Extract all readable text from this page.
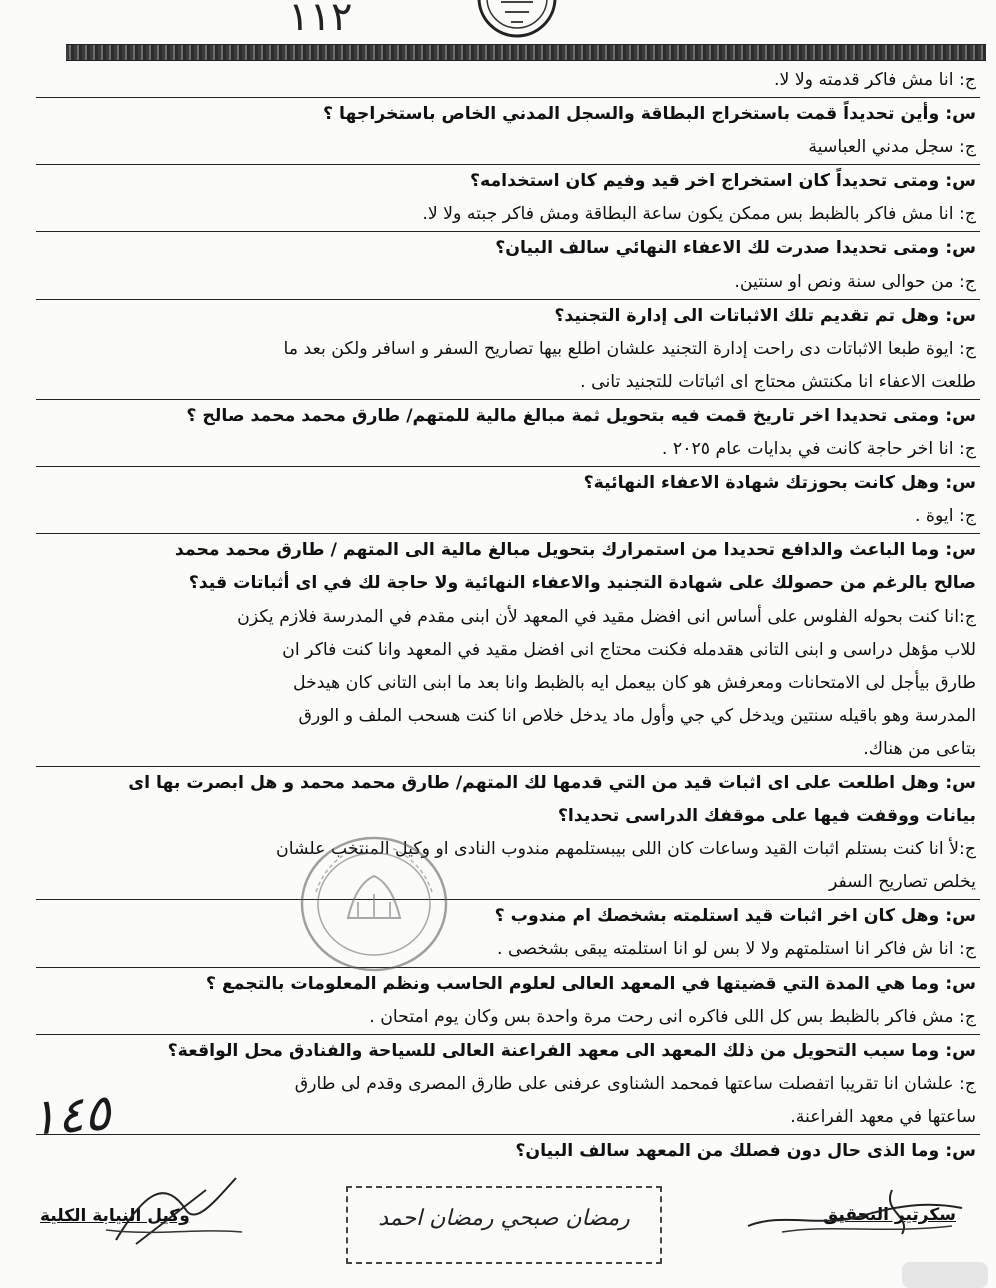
١١٢

ج: انا مش فاكر قدمته ولا لا.

س: وأين تحديداً قمت باستخراج البطاقة والسجل المدني الخاص باستخراجها ؟

ج: سجل مدني العباسية

س: ومتى تحديداً كان استخراج اخر قيد وفيم كان استخدامه؟

ج: انا مش فاكر بالظبط بس ممكن يكون ساعة البطاقة ومش فاكر جبته ولا لا.

س: ومتى تحديدا صدرت لك الاعفاء النهائي سالف البيان؟

ج: من حوالى سنة ونص او سنتين.

س: وهل تم تقديم تلك الاثباتات الى إدارة التجنيد؟

ج: ايوة طبعا الاثباتات دى راحت إدارة التجنيد علشان اطلع بيها تصاريح السفر و اسافر ولكن بعد ما

طلعت الاعفاء انا مكنتش محتاج اى اثباتات للتجنيد تانى .

س: ومتى تحديدا اخر تاريخ قمت فيه بتحويل ثمة مبالغ مالية للمتهم/ طارق محمد محمد صالح ؟

ج: انا اخر حاجة كانت في بدايات عام ٢٠٢٥ .

س: وهل كانت بحوزتك شهادة الاعفاء النهائية؟

ج: ايوة .

س: وما الباعث والدافع تحديدا من استمرارك بتحويل مبالغ مالية الى المتهم / طارق محمد محمد

صالح بالرغم من حصولك على شهادة التجنيد والاعفاء النهائية ولا حاجة لك في اى أثباتات قيد؟

ج:انا كنت بحوله الفلوس على أساس انى افضل مقيد في المعهد لأن ابنى مقدم في المدرسة فلازم يكزن

للاب مؤهل دراسى و ابنى التانى هقدمله فكنت محتاج انى افضل مقيد في المعهد وانا كنت فاكر ان

طارق بيأجل لى الامتحانات ومعرفش هو كان بيعمل ايه بالظبط وانا بعد ما ابنى التانى كان هيدخل

المدرسة وهو باقيله سنتين ويدخل كي جي وأول ماد يدخل خلاص انا كنت هسحب الملف و الورق

بتاعى من هناك.

س: وهل اطلعت على اى اثبات قيد من التي قدمها لك المتهم/ طارق محمد محمد و هل ابصرت بها اى

بيانات ووقفت فيها على موقفك الدراسى تحديدا؟

ج:لأ انا كنت بستلم اثبات القيد وساعات كان اللى بيبستلمهم مندوب النادى او وكيل المنتخب علشان

يخلص تصاريح السفر

س: وهل كان اخر اثبات قيد استلمته بشخصك ام مندوب ؟

ج: انا ش فاكر انا استلمتهم ولا لا بس لو انا استلمته يبقى بشخصى .

س: وما هي المدة التي قضيتها في المعهد العالى لعلوم الحاسب ونظم المعلومات بالتجمع ؟

ج: مش فاكر بالظبط بس كل اللى فاكره انى رحت مرة واحدة بس وكان يوم امتحان .

س: وما سبب التحويل من ذلك المعهد الى معهد الفراعنة العالى للسياحة والفنادق محل الواقعة؟

ج: علشان انا تقريبا اتفصلت ساعتها فمحمد الشناوى عرفنى على طارق المصرى وقدم لى طارق

ساعتها في معهد الفراعنة.

س: وما الذى حال دون فصلك من المعهد سالف البيان؟

١٤٥
سكرتير التحقيق
رمضان صبحي رمضان احمد
وكيل النيابة الكلية
